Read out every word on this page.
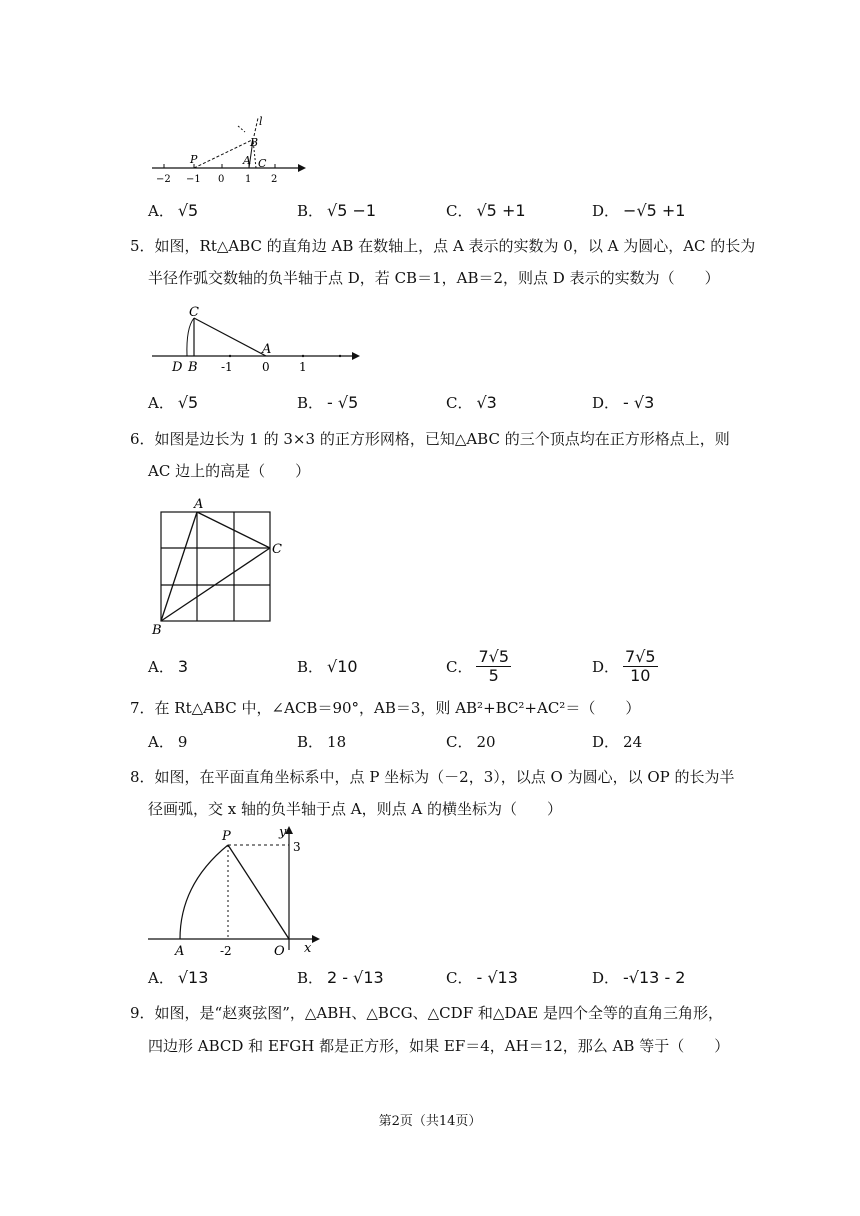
l
B
P	A C
−2 −1 0 1 2
A． √5	B． √5 −1	C． √5 +1	D． −√5 +1
5．如图，Rt△ABC 的直角边 AB 在数轴上，点 A 表示的实数为 0，以 A 为圆心，AC 的长为
半径作弧交数轴的负半轴于点 D，若 CB＝1，AB＝2，则点 D 表示的实数为（　　）
C
D B
A
-1 0 1
A． √5	B． - √5	C． √3	D． - √3
6．如图是边长为 1 的 3×3 的正方形网格，已知△ABC 的三个顶点均在正方形格点上，则
AC 边上的高是（　　）
A
B
C
A． 3	B． √10	C． $\frac{7√5}{5}$	D． $\frac{7√5}{10}$
7．在 Rt△ABC 中，∠ACB＝90°，AB＝3，则 AB²+BC²+AC²＝（　　）
A． 9	B． 18	C． 20	D． 24
8．如图，在平面直角坐标系中，点 P 坐标为（－2，3），以点 O 为圆心，以 OP 的长为半
径画弧，交 x 轴的负半轴于点 A，则点 A 的横坐标为（　　）
P	y
3
A	-2	O x
A． √13	B． 2 - √13	C． - √13	D． -√13 - 2
9．如图，是“赵爽弦图”，△ABH、△BCG、△CDF 和△DAE 是四个全等的直角三角形，
四边形 ABCD 和 EFGH 都是正方形，如果 EF＝4，AH＝12，那么 AB 等于（　　）
第2页（共14页）
